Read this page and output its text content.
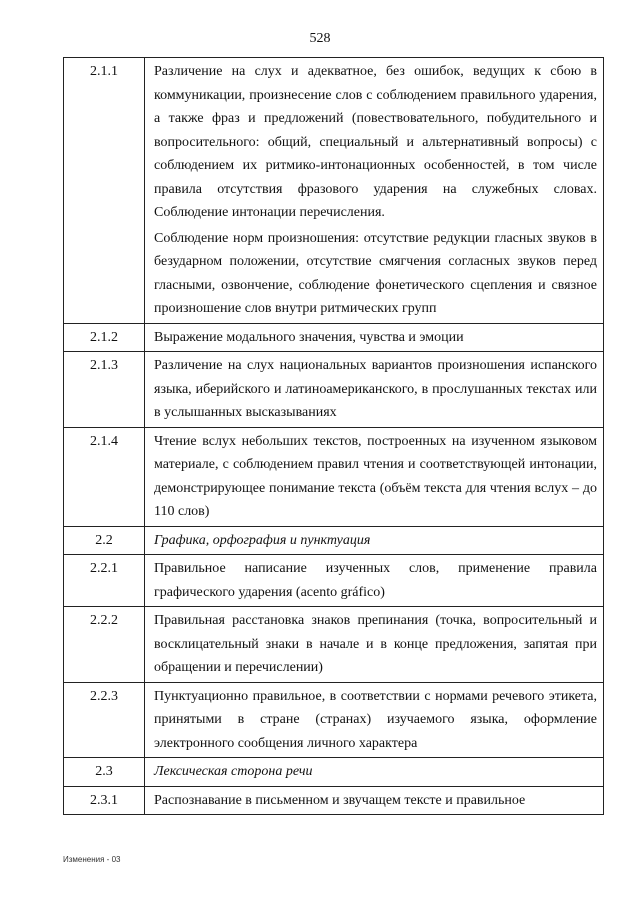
528
2.1.1	Различение на слух и адекватное, без ошибок, ведущих к сбою в коммуникации, произнесение слов с соблюдением правильного ударения, а также фраз и предложений (повествовательного, побудительного и вопросительного: общий, специальный и альтернативный вопросы) с соблюдением их ритмико-интонационных особенностей, в том числе правила отсутствия фразового ударения на служебных словах. Соблюдение интонации перечисления.

Соблюдение норм произношения: отсутствие редукции гласных звуков в безударном положении, отсутствие смягчения согласных звуков перед гласными, озвончение, соблюдение фонетического сцепления и связное произношение слов внутри ритмических групп

2.1.2	Выражение модального значения, чувства и эмоции

2.1.3	Различение на слух национальных вариантов произношения испанского языка, иберийского и латиноамериканского, в прослушанных текстах или в услышанных высказываниях

2.1.4	Чтение вслух небольших текстов, построенных на изученном языковом материале, с соблюдением правил чтения и соответствующей интонации, демонстрирующее понимание текста (объём текста для чтения вслух – до 110 слов)

2.2	Графика, орфография и пунктуация

2.2.1	Правильное написание изученных слов, применение правила графического ударения (acento gráfico)

2.2.2	Правильная расстановка знаков препинания (точка, вопросительный и восклицательный знаки в начале и в конце предложения, запятая при обращении и перечислении)

2.2.3	Пунктуационно правильное, в соответствии с нормами речевого этикета, принятыми в стране (странах) изучаемого языка, оформление электронного сообщения личного характера

2.3	Лексическая сторона речи

2.3.1	Распознавание в письменном и звучащем тексте и правильное

Изменения - 03
